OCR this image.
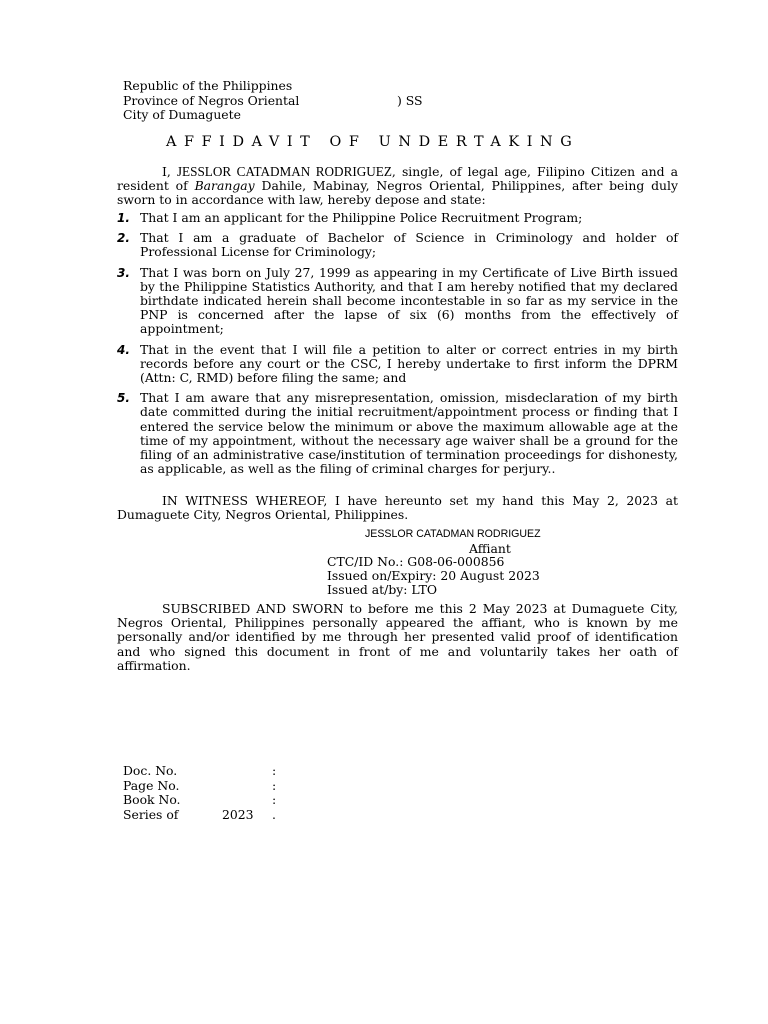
Republic of the Philippines
Province of Negros Oriental	) SS
City of Dumaguete
AFFIDAVIT OF UNDERTAKING

I, JESSLOR CATADMAN RODRIGUEZ, single, of legal age, Filipino Citizen and a resident of Barangay Dahile, Mabinay, Negros Oriental, Philippines, after being duly sworn to in accordance with law, hereby depose and state:

1. That I am an applicant for the Philippine Police Recruitment Program;
2. That I am a graduate of Bachelor of Science in Criminology and holder of Professional License for Criminology;
3. That I was born on July 27, 1999 as appearing in my Certificate of Live Birth issued by the Philippine Statistics Authority, and that I am hereby notified that my declared birthdate indicated herein shall become incontestable in so far as my service in the PNP is concerned after the lapse of six (6) months from the effectively of appointment;
4. That in the event that I will file a petition to alter or correct entries in my birth records before any court or the CSC, I hereby undertake to first inform the DPRM (Attn: C, RMD) before filing the same; and
5. That I am aware that any misrepresentation, omission, misdeclaration of my birth date committed during the initial recruitment/appointment process or finding that I entered the service below the minimum or above the maximum allowable age at the time of my appointment, without the necessary age waiver shall be a ground for the filing of an administrative case/institution of termination proceedings for dishonesty, as applicable, as well as the filing of criminal charges for perjury..

IN WITNESS WHEREOF, I have hereunto set my hand this May 2, 2023 at Dumaguete City, Negros Oriental, Philippines.

JESSLOR CATADMAN RODRIGUEZ
Affiant
CTC/ID No.: G08-06-000856
Issued on/Expiry: 20 August 2023
Issued at/by: LTO

SUBSCRIBED AND SWORN to before me this 2 May 2023 at Dumaguete City, Negros Oriental, Philippines personally appeared the affiant, who is known by me personally and/or identified by me through her presented valid proof of identification and who signed this document in front of me and voluntarily takes her oath of affirmation.

Doc. No.	:
Page No.	:
Book No.	:
Series of	2023 .
